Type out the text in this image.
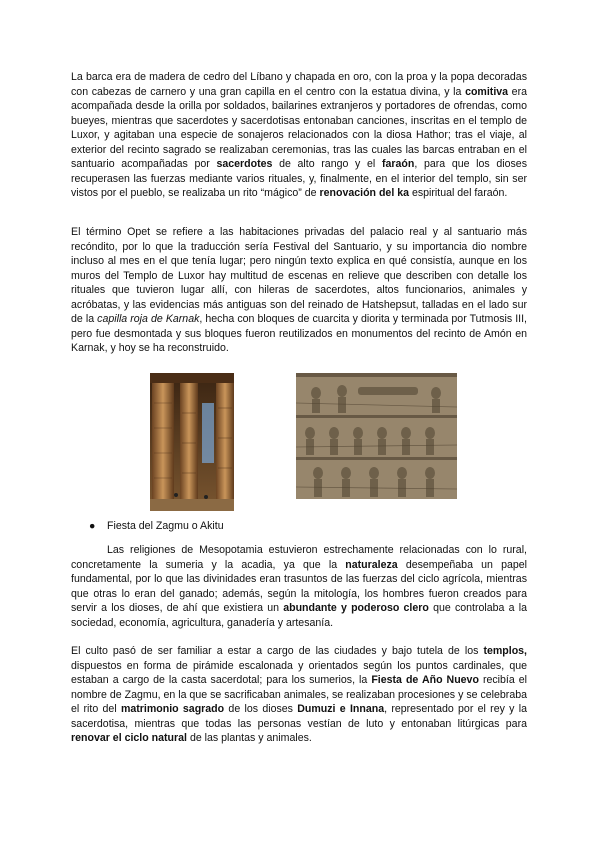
La barca era de madera de cedro del Líbano y chapada en oro, con la proa y la popa decoradas con cabezas de carnero y una gran capilla en el centro con la estatua divina, y la comitiva era acompañada desde la orilla por soldados, bailarines extranjeros y portadores de ofrendas, como bueyes, mientras que sacerdotes y sacerdotisas entonaban canciones, inscritas en el templo de Luxor, y agitaban una especie de sonajeros relacionados con la diosa Hathor; tras el viaje, al exterior del recinto sagrado se realizaban ceremonias, tras las cuales las barcas entraban en el santuario acompañadas por sacerdotes de alto rango y el faraón, para que los dioses recuperasen las fuerzas mediante varios rituales, y, finalmente, en el interior del templo, sin ser vistos por el pueblo, se realizaba un rito “mágico” de renovación del ka espiritual del faraón.

El término Opet se refiere a las habitaciones privadas del palacio real y al santuario más recóndito, por lo que la traducción sería Festival del Santuario, y su importancia dio nombre incluso al mes en el que tenía lugar; pero ningún texto explica en qué consistía, aunque en los muros del Templo de Luxor hay multitud de escenas en relieve que describen con detalle los rituales que tuvieron lugar allí, con hileras de sacerdotes, altos funcionarios, animales y acróbatas, y las evidencias más antiguas son del reinado de Hatshepsut, talladas en el lado sur de la capilla roja de Karnak, hecha con bloques de cuarcita y diorita y terminada por Tutmosis III, pero fue desmontada y sus bloques fueron reutilizados en monumentos del recinto de Amón en Karnak, y hoy se ha reconstruido.

● Fiesta del Zagmu o Akitu

Las religiones de Mesopotamia estuvieron estrechamente relacionadas con lo rural, concretamente la sumeria y la acadia, ya que la naturaleza desempeñaba un papel fundamental, por lo que las divinidades eran trasuntos de las fuerzas del ciclo agrícola, mientras que otras lo eran del ganado; además, según la mitología, los hombres fueron creados para servir a los dioses, de ahí que existiera un abundante y poderoso clero que controlaba a la sociedad, economía, agricultura, ganadería y artesanía.

El culto pasó de ser familiar a estar a cargo de las ciudades y bajo tutela de los templos, dispuestos en forma de pirámide escalonada y orientados según los puntos cardinales, que estaban a cargo de la casta sacerdotal; para los sumerios, la Fiesta de Año Nuevo recibía el nombre de Zagmu, en la que se sacrificaban animales, se realizaban procesiones y se celebraba el rito del matrimonio sagrado de los dioses Dumuzi e Innana, representado por el rey y la sacerdotisa, mientras que todas las personas vestían de luto y entonaban litúrgicas para renovar el ciclo natural de las plantas y animales.
